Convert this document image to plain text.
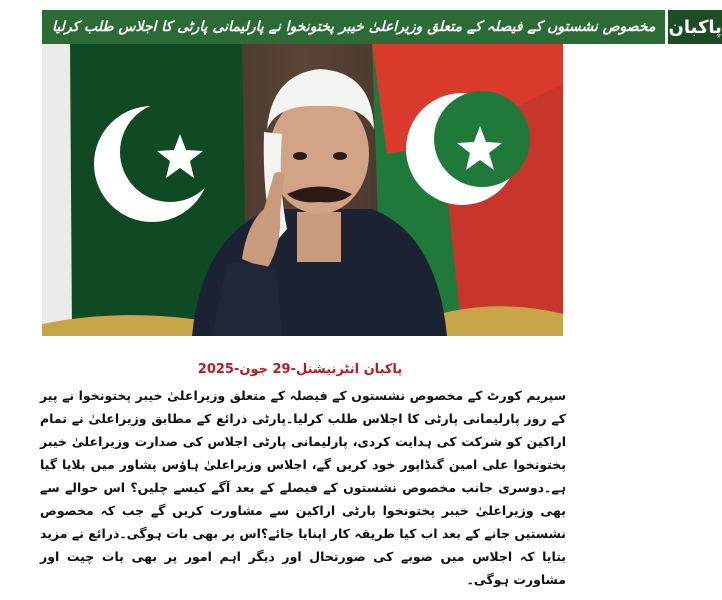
مخصوص نشستوں کے فیصلہ کے متعلق وزیراعلیٰ خیبر پختونخوا نے پارلیمانی پارٹی کا اجلاس طلب کرلیا پاکبان
پاکبان انٹرنیشنل-29 جون-2025
سپریم کورٹ کے مخصوص نشستوں کے فیصلہ کے متعلق وزیراعلیٰ خیبر پختونخوا نے پیر کے روز پارلیمانی پارٹی کا اجلاس طلب کرلیا۔پارٹی ذرائع کے مطابق وزیراعلیٰ نے تمام اراکین کو شرکت کی ہدایت کردی، پارلیمانی پارٹی اجلاس کی صدارت وزیراعلیٰ خیبر پختونخوا علی امین گنڈاپور خود کریں گے، اجلاس وزیراعلیٰ ہاؤس پشاور میں بلایا گیا ہے۔دوسری جانب مخصوص نشستوں کے فیصلے کے بعد آگے کیسے چلیں؟ اس حوالے سے بھی وزیراعلیٰ خیبر پختونخوا پارٹی اراکین سے مشاورت کریں گے جب کہ مخصوص نشستیں جانے کے بعد اب کیا طریقہ کار اپنایا جائے؟اس پر بھی بات ہوگی۔ذرائع نے مزید بتایا کہ اجلاس میں صوبے کی صورتحال اور دیگر اہم امور پر بھی بات چیت اور مشاورت ہوگی۔
